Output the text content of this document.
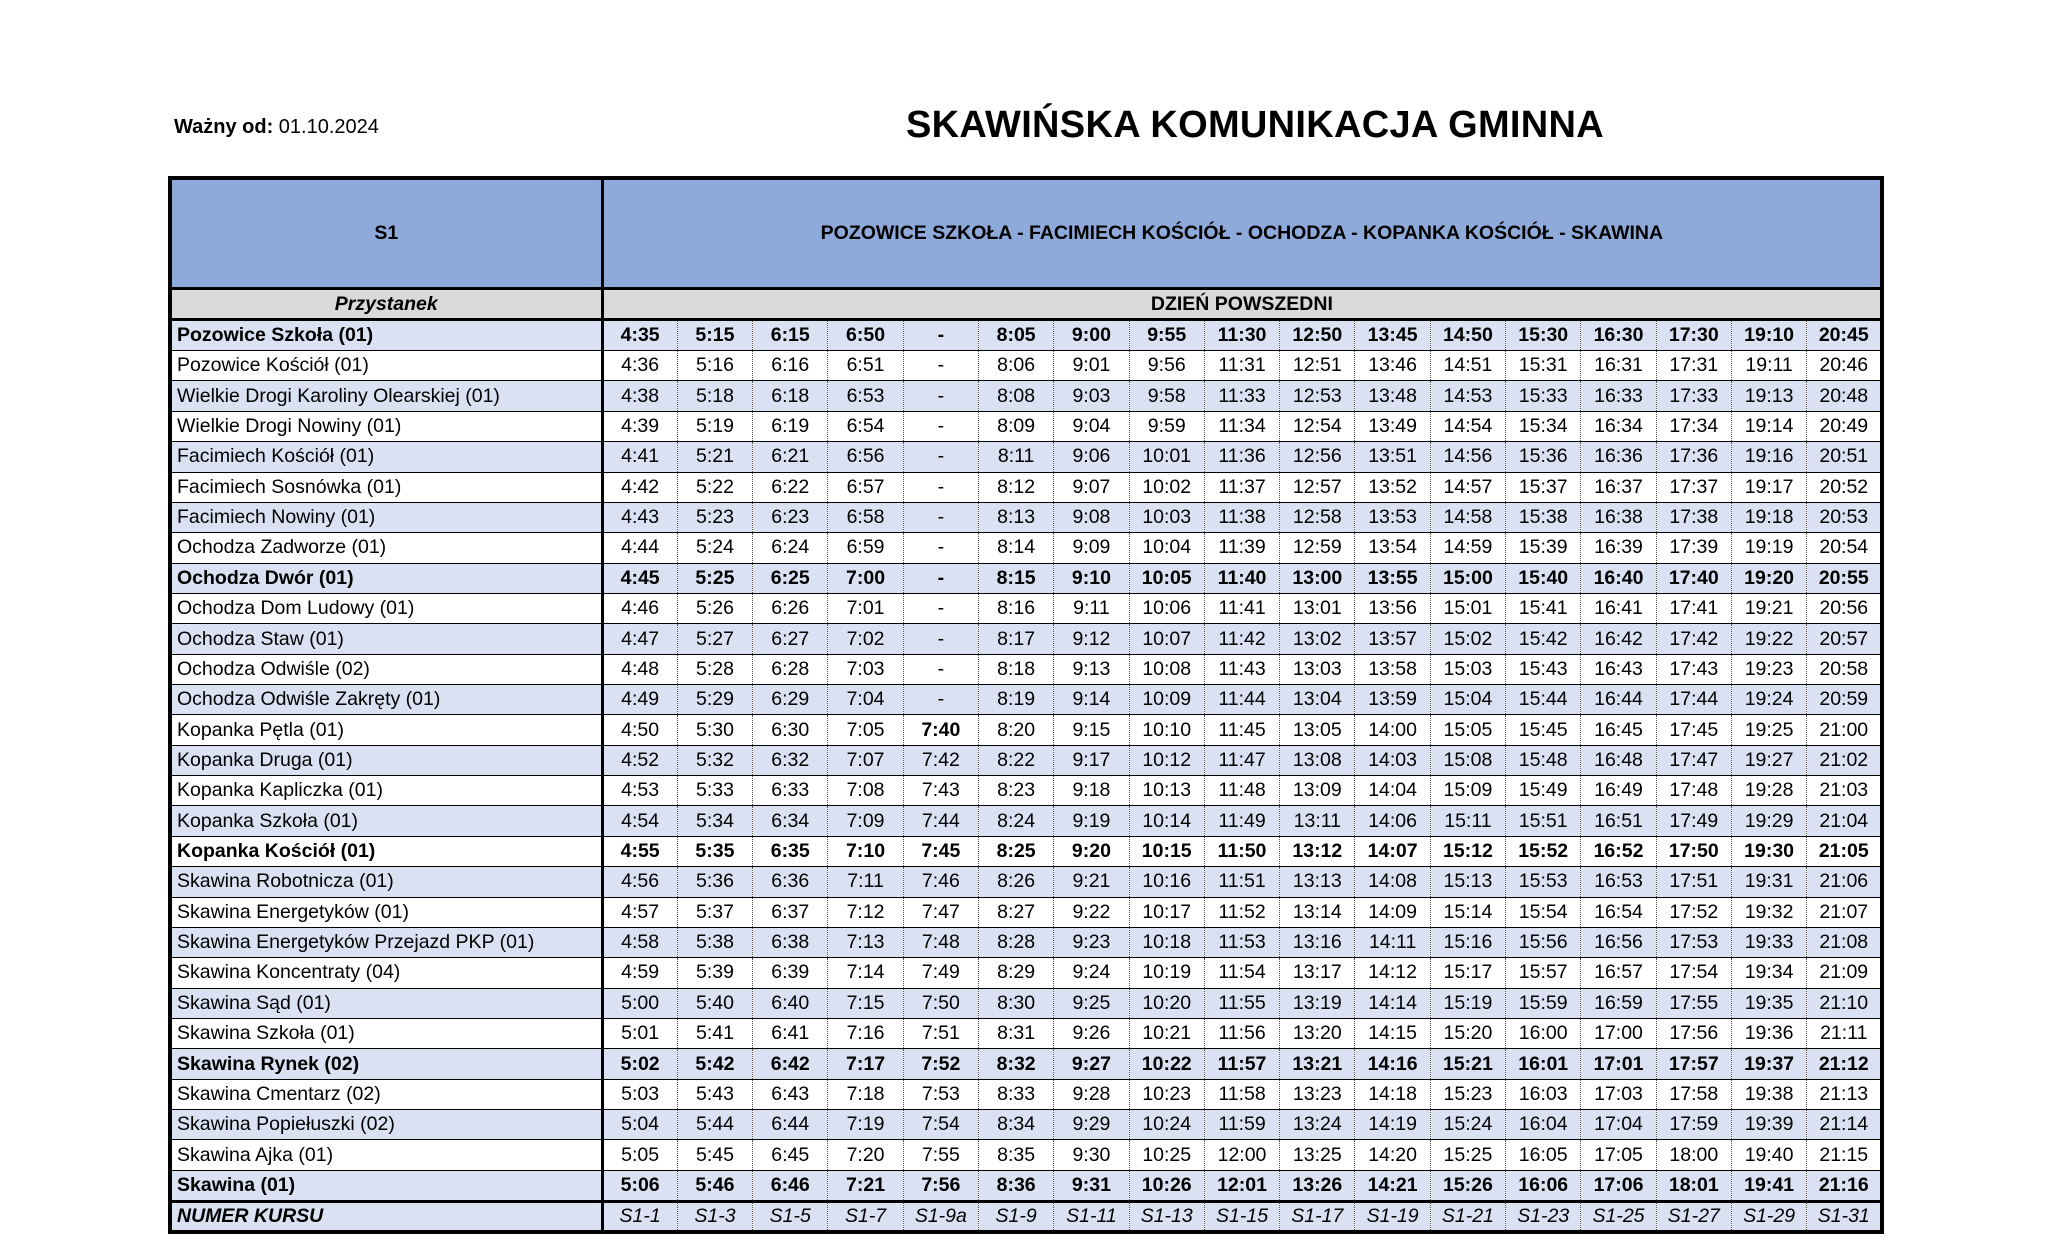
Ważny od: 01.10.2024	SKAWIŃSKA KOMUNIKACJA GMINNA
S1	POZOWICE SZKOŁA - FACIMIECH KOŚCIÓŁ - OCHODZA - KOPANKA KOŚCIÓŁ - SKAWINA																
Przystanek	DZIEŃ POWSZEDNI																
Pozowice Szkoła (01)	4:35	5:15	6:15	6:50	-	8:05	9:00	9:55	11:30	12:50	13:45	14:50	15:30	16:30	17:30	19:10	20:45
Pozowice Kościół (01)	4:36	5:16	6:16	6:51	-	8:06	9:01	9:56	11:31	12:51	13:46	14:51	15:31	16:31	17:31	19:11	20:46
Wielkie Drogi Karoliny Olearskiej (01)	4:38	5:18	6:18	6:53	-	8:08	9:03	9:58	11:33	12:53	13:48	14:53	15:33	16:33	17:33	19:13	20:48
Wielkie Drogi Nowiny (01)	4:39	5:19	6:19	6:54	-	8:09	9:04	9:59	11:34	12:54	13:49	14:54	15:34	16:34	17:34	19:14	20:49
Facimiech Kościół (01)	4:41	5:21	6:21	6:56	-	8:11	9:06	10:01	11:36	12:56	13:51	14:56	15:36	16:36	17:36	19:16	20:51
Facimiech Sosnówka (01)	4:42	5:22	6:22	6:57	-	8:12	9:07	10:02	11:37	12:57	13:52	14:57	15:37	16:37	17:37	19:17	20:52
Facimiech Nowiny (01)	4:43	5:23	6:23	6:58	-	8:13	9:08	10:03	11:38	12:58	13:53	14:58	15:38	16:38	17:38	19:18	20:53
Ochodza Zadworze (01)	4:44	5:24	6:24	6:59	-	8:14	9:09	10:04	11:39	12:59	13:54	14:59	15:39	16:39	17:39	19:19	20:54
Ochodza Dwór (01)	4:45	5:25	6:25	7:00	-	8:15	9:10	10:05	11:40	13:00	13:55	15:00	15:40	16:40	17:40	19:20	20:55
Ochodza Dom Ludowy (01)	4:46	5:26	6:26	7:01	-	8:16	9:11	10:06	11:41	13:01	13:56	15:01	15:41	16:41	17:41	19:21	20:56
Ochodza Staw (01)	4:47	5:27	6:27	7:02	-	8:17	9:12	10:07	11:42	13:02	13:57	15:02	15:42	16:42	17:42	19:22	20:57
Ochodza Odwiśle (02)	4:48	5:28	6:28	7:03	-	8:18	9:13	10:08	11:43	13:03	13:58	15:03	15:43	16:43	17:43	19:23	20:58
Ochodza Odwiśle Zakręty (01)	4:49	5:29	6:29	7:04	-	8:19	9:14	10:09	11:44	13:04	13:59	15:04	15:44	16:44	17:44	19:24	20:59
Kopanka Pętla (01)	4:50	5:30	6:30	7:05	7:40	8:20	9:15	10:10	11:45	13:05	14:00	15:05	15:45	16:45	17:45	19:25	21:00
Kopanka Druga (01)	4:52	5:32	6:32	7:07	7:42	8:22	9:17	10:12	11:47	13:08	14:03	15:08	15:48	16:48	17:47	19:27	21:02
Kopanka Kapliczka (01)	4:53	5:33	6:33	7:08	7:43	8:23	9:18	10:13	11:48	13:09	14:04	15:09	15:49	16:49	17:48	19:28	21:03
Kopanka Szkoła (01)	4:54	5:34	6:34	7:09	7:44	8:24	9:19	10:14	11:49	13:11	14:06	15:11	15:51	16:51	17:49	19:29	21:04
Kopanka Kościół (01)	4:55	5:35	6:35	7:10	7:45	8:25	9:20	10:15	11:50	13:12	14:07	15:12	15:52	16:52	17:50	19:30	21:05
Skawina Robotnicza (01)	4:56	5:36	6:36	7:11	7:46	8:26	9:21	10:16	11:51	13:13	14:08	15:13	15:53	16:53	17:51	19:31	21:06
Skawina Energetyków (01)	4:57	5:37	6:37	7:12	7:47	8:27	9:22	10:17	11:52	13:14	14:09	15:14	15:54	16:54	17:52	19:32	21:07
Skawina Energetyków Przejazd PKP (01)	4:58	5:38	6:38	7:13	7:48	8:28	9:23	10:18	11:53	13:16	14:11	15:16	15:56	16:56	17:53	19:33	21:08
Skawina Koncentraty (04)	4:59	5:39	6:39	7:14	7:49	8:29	9:24	10:19	11:54	13:17	14:12	15:17	15:57	16:57	17:54	19:34	21:09
Skawina Sąd (01)	5:00	5:40	6:40	7:15	7:50	8:30	9:25	10:20	11:55	13:19	14:14	15:19	15:59	16:59	17:55	19:35	21:10
Skawina Szkoła (01)	5:01	5:41	6:41	7:16	7:51	8:31	9:26	10:21	11:56	13:20	14:15	15:20	16:00	17:00	17:56	19:36	21:11
Skawina Rynek (02)	5:02	5:42	6:42	7:17	7:52	8:32	9:27	10:22	11:57	13:21	14:16	15:21	16:01	17:01	17:57	19:37	21:12
Skawina Cmentarz (02)	5:03	5:43	6:43	7:18	7:53	8:33	9:28	10:23	11:58	13:23	14:18	15:23	16:03	17:03	17:58	19:38	21:13
Skawina Popiełuszki (02)	5:04	5:44	6:44	7:19	7:54	8:34	9:29	10:24	11:59	13:24	14:19	15:24	16:04	17:04	17:59	19:39	21:14
Skawina Ajka (01)	5:05	5:45	6:45	7:20	7:55	8:35	9:30	10:25	12:00	13:25	14:20	15:25	16:05	17:05	18:00	19:40	21:15
Skawina (01)	5:06	5:46	6:46	7:21	7:56	8:36	9:31	10:26	12:01	13:26	14:21	15:26	16:06	17:06	18:01	19:41	21:16
NUMER KURSU	S1-1	S1-3	S1-5	S1-7	S1-9a	S1-9	S1-11	S1-13	S1-15	S1-17	S1-19	S1-21	S1-23	S1-25	S1-27	S1-29	S1-31
